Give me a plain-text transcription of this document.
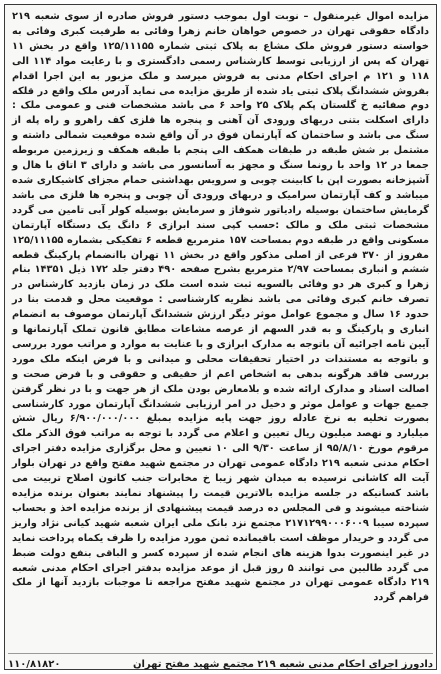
مزایده اموال غیرمنقول – نوبت اول بموجب دستور فروش صادره از سوی شعبه ۲۱۹ دادگاه حقوقی تهران در خصوص خواهان خانم زهرا وفائی به طرفیت کبری وفائی به خواسته دستور فروش ملک مشاع به پلاک ثبتی شماره ۱۲۵/۱۱۱۵۵ واقع در بخش ۱۱ تهران که پس از ارزیابی توسط کارشناس رسمی دادگستری و با رعایت مواد ۱۱۴ الی ۱۱۸ و ۱۲۱ م اجرای احکام مدنی به فروش میرسد و ملک مزبور به این اجرا اقدام بفروش ششدانگ پلاک ثبتی یاد شده از طریق مزایده می نماید آدرس ملک واقع در قلکه دوم صفائیه خ گلستان پکم پلاک ۲۵ واحد ۶ می باشد مشخصات فنی و عمومی ملک : دارای اسکلت بتنی دربهای ورودی آن آهنی و پنجره ها فلزی کف راهرو و راه پله از سنگ می باشد و ساختمان که آپارتمان فوق در آن واقع شده موقعیت شمالی داشته و مشتمل بر شش طبقه در طبقات همکف الی پنجم با طبقه همکف و زیرزمین مربوطه جمعا در ۱۲ واحد با رونما سنگ و مجهز به آسانسور می باشد و دارای ۳ اتاق با هال و آشپزخانه بصورت اپن با کابینت چوبی و سرویس بهداشتی حمام مجزای کاشیکاری شده میباشد و کف آپارتمان سرامیک و دربهای ورودی آن چوبی و پنجره ها فلزی می باشد گرمایش ساختمان بوسیله رادیاتور شوفاژ و سرمایش بوسیله کولر آبی تامین می گردد مشخصات ثبتی ملک و مالک :حسب کپی سند ابرازی ۶ دانگ یک دستگاه آپارتمان مسکونی واقع در طبقه دوم بمساحت ۱۵۷ مترمربع قطعه ۶ تفکیکی بشماره ۱۲۵/۱۱۱۵۵ مفروز از ۳۷۰ فرعی از اصلی مذکور واقع در بخش ۱۱ تهران باانضمام پارکینگ قطعه ششم و انباری بمساحت ۲/۹۷ مترمربع بشرح صفحه ۴۹۰ دفتر جلد ۱۷۲ ذیل ۱۴۳۵۱ بنام زهرا و کبری هر دو وفائی بالسویه ثبت شده است ملک در زمان بازدید کارشناس در تصرف خانم کبری وفائی می باشد نظریه کارشناسی : موقعیت محل و قدمت بنا در حدود ۱۶ سال و مجموع عوامل موثر دیگر ارزش ششدانگ آپارتمان موصوف به انضمام انباری و پارکینگ و به قدر السهم از عرصه مشاعات مطابق قانون تملک آپارتمانها و آیین نامه اجرائیه آن باتوجه به مدارک ابرازی و با عنایت به موارد و مراتب مورد بررسی و باتوجه به مستندات در اختیار تحقیقات محلی و میدانی و با فرض اینکه ملک مورد بررسی فاقد هرگونه بدهی به اشخاص اعم از حقیقی و حقوقی و با فرض صحت و اصالت اسناد و مدارک ارائه شده و بلامعارض بودن ملک از هر جهت و با در نظر گرفتن جمیع جهات و عوامل موثر و دخیل در امر ارزیابی ششدانگ آپارتمان مورد کارشناسی بصورت تخلیه به نرخ عادله روز جهت پایه مزایده بمبلغ ۶/۹۰۰/۰۰۰/۰۰۰ ریال شش میلیارد و نهصد میلیون ریال تعیین و اعلام می گردد با توجه به مراتب فوق الذکر ملک مرقوم مورخ ۹۵/۸/۱۰ از ساعت ۹/۳۰ الی ۱۰ تعیین و محل برگزاری مزایده دفتر اجرای احکام مدنی شعبه ۲۱۹ دادگاه عمومی تهران در مجتمع شهید مفتح واقع در تهران بلوار آیت اله کاشانی نرسیده به میدان شهر زیبا خ مخابرات جنب کانون اصلاح تربیت می باشد کسانیکه در جلسه مزایده بالاترین قیمت را پیشنهاد نمایند بعنوان برنده مزایده شناخته میشوند و فی المجلس ده درصد قیمت پیشنهادی از برنده مزایده اخذ و بحساب سپرده سیبا ۲۱۷۱۲۹۹۰۰۰۶۰۰۹ مجتمع نزد بانک ملی ایران شعبه شهید کیانی نژاد واریز می گردد و خریدار موظف است باقیمانده ثمن مورد مزایده را ظرف یکماه پرداخت نماید در غیر اینصورت بدوا هزینه های انجام شده از سپرده کسر و الباقی بنفع دولت ضبط می گردد طالبین می توانند ۵ روز قبل از موعد مزایده بدفتر اجرای احکام مدنی شعبه ۲۱۹ دادگاه عمومی تهران در مجتمع شهید مفتح مراجعه تا موجبات بازدید آنها از ملک فراهم گردد

دادورز اجرای احکام مدنی شعبه ۲۱۹ مجتمع شهید مفتح تهران
۱۱۰/۸۱۸۲۰
